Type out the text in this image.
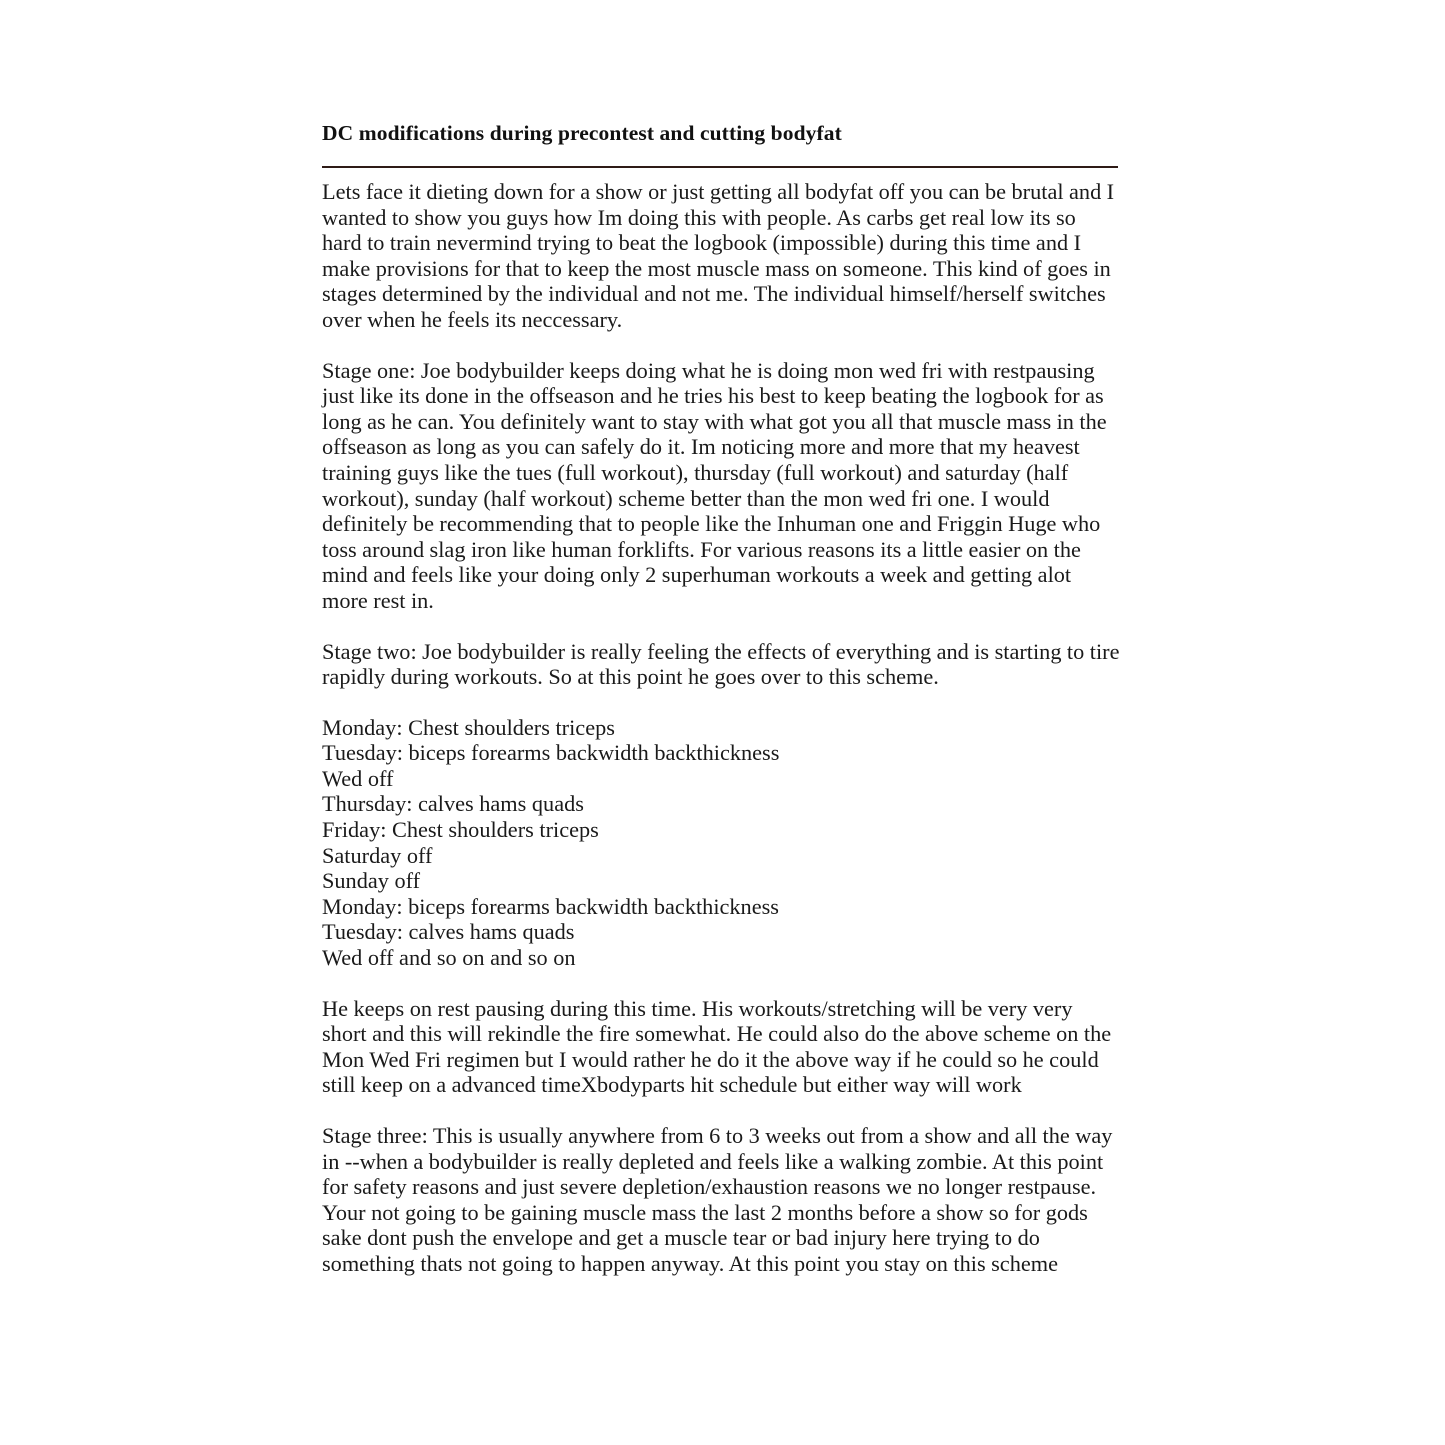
DC modifications during precontest and cutting bodyfat

Lets face it dieting down for a show or just getting all bodyfat off you can be brutal and I wanted to show you guys how Im doing this with people. As carbs get real low its so hard to train nevermind trying to beat the logbook (impossible) during this time and I make provisions for that to keep the most muscle mass on someone. This kind of goes in stages determined by the individual and not me. The individual himself/herself switches over when he feels its neccessary.

Stage one: Joe bodybuilder keeps doing what he is doing mon wed fri with restpausing just like its done in the offseason and he tries his best to keep beating the logbook for as long as he can. You definitely want to stay with what got you all that muscle mass in the offseason as long as you can safely do it. Im noticing more and more that my heavest training guys like the tues (full workout), thursday (full workout) and saturday (half workout), sunday (half workout) scheme better than the mon wed fri one. I would definitely be recommending that to people like the Inhuman one and Friggin Huge who toss around slag iron like human forklifts. For various reasons its a little easier on the mind and feels like your doing only 2 superhuman workouts a week and getting alot more rest in.

Stage two: Joe bodybuilder is really feeling the effects of everything and is starting to tire rapidly during workouts. So at this point he goes over to this scheme.

Monday: Chest shoulders triceps
Tuesday: biceps forearms backwidth backthickness
Wed off
Thursday: calves hams quads
Friday: Chest shoulders triceps
Saturday off
Sunday off
Monday: biceps forearms backwidth backthickness
Tuesday: calves hams quads
Wed off and so on and so on

He keeps on rest pausing during this time. His workouts/stretching will be very very short and this will rekindle the fire somewhat. He could also do the above scheme on the Mon Wed Fri regimen but I would rather he do it the above way if he could so he could still keep on a advanced timeXbodyparts hit schedule but either way will work

Stage three: This is usually anywhere from 6 to 3 weeks out from a show and all the way in --when a bodybuilder is really depleted and feels like a walking zombie. At this point for safety reasons and just severe depletion/exhaustion reasons we no longer restpause. Your not going to be gaining muscle mass the last 2 months before a show so for gods sake dont push the envelope and get a muscle tear or bad injury here trying to do something thats not going to happen anyway. At this point you stay on this scheme
